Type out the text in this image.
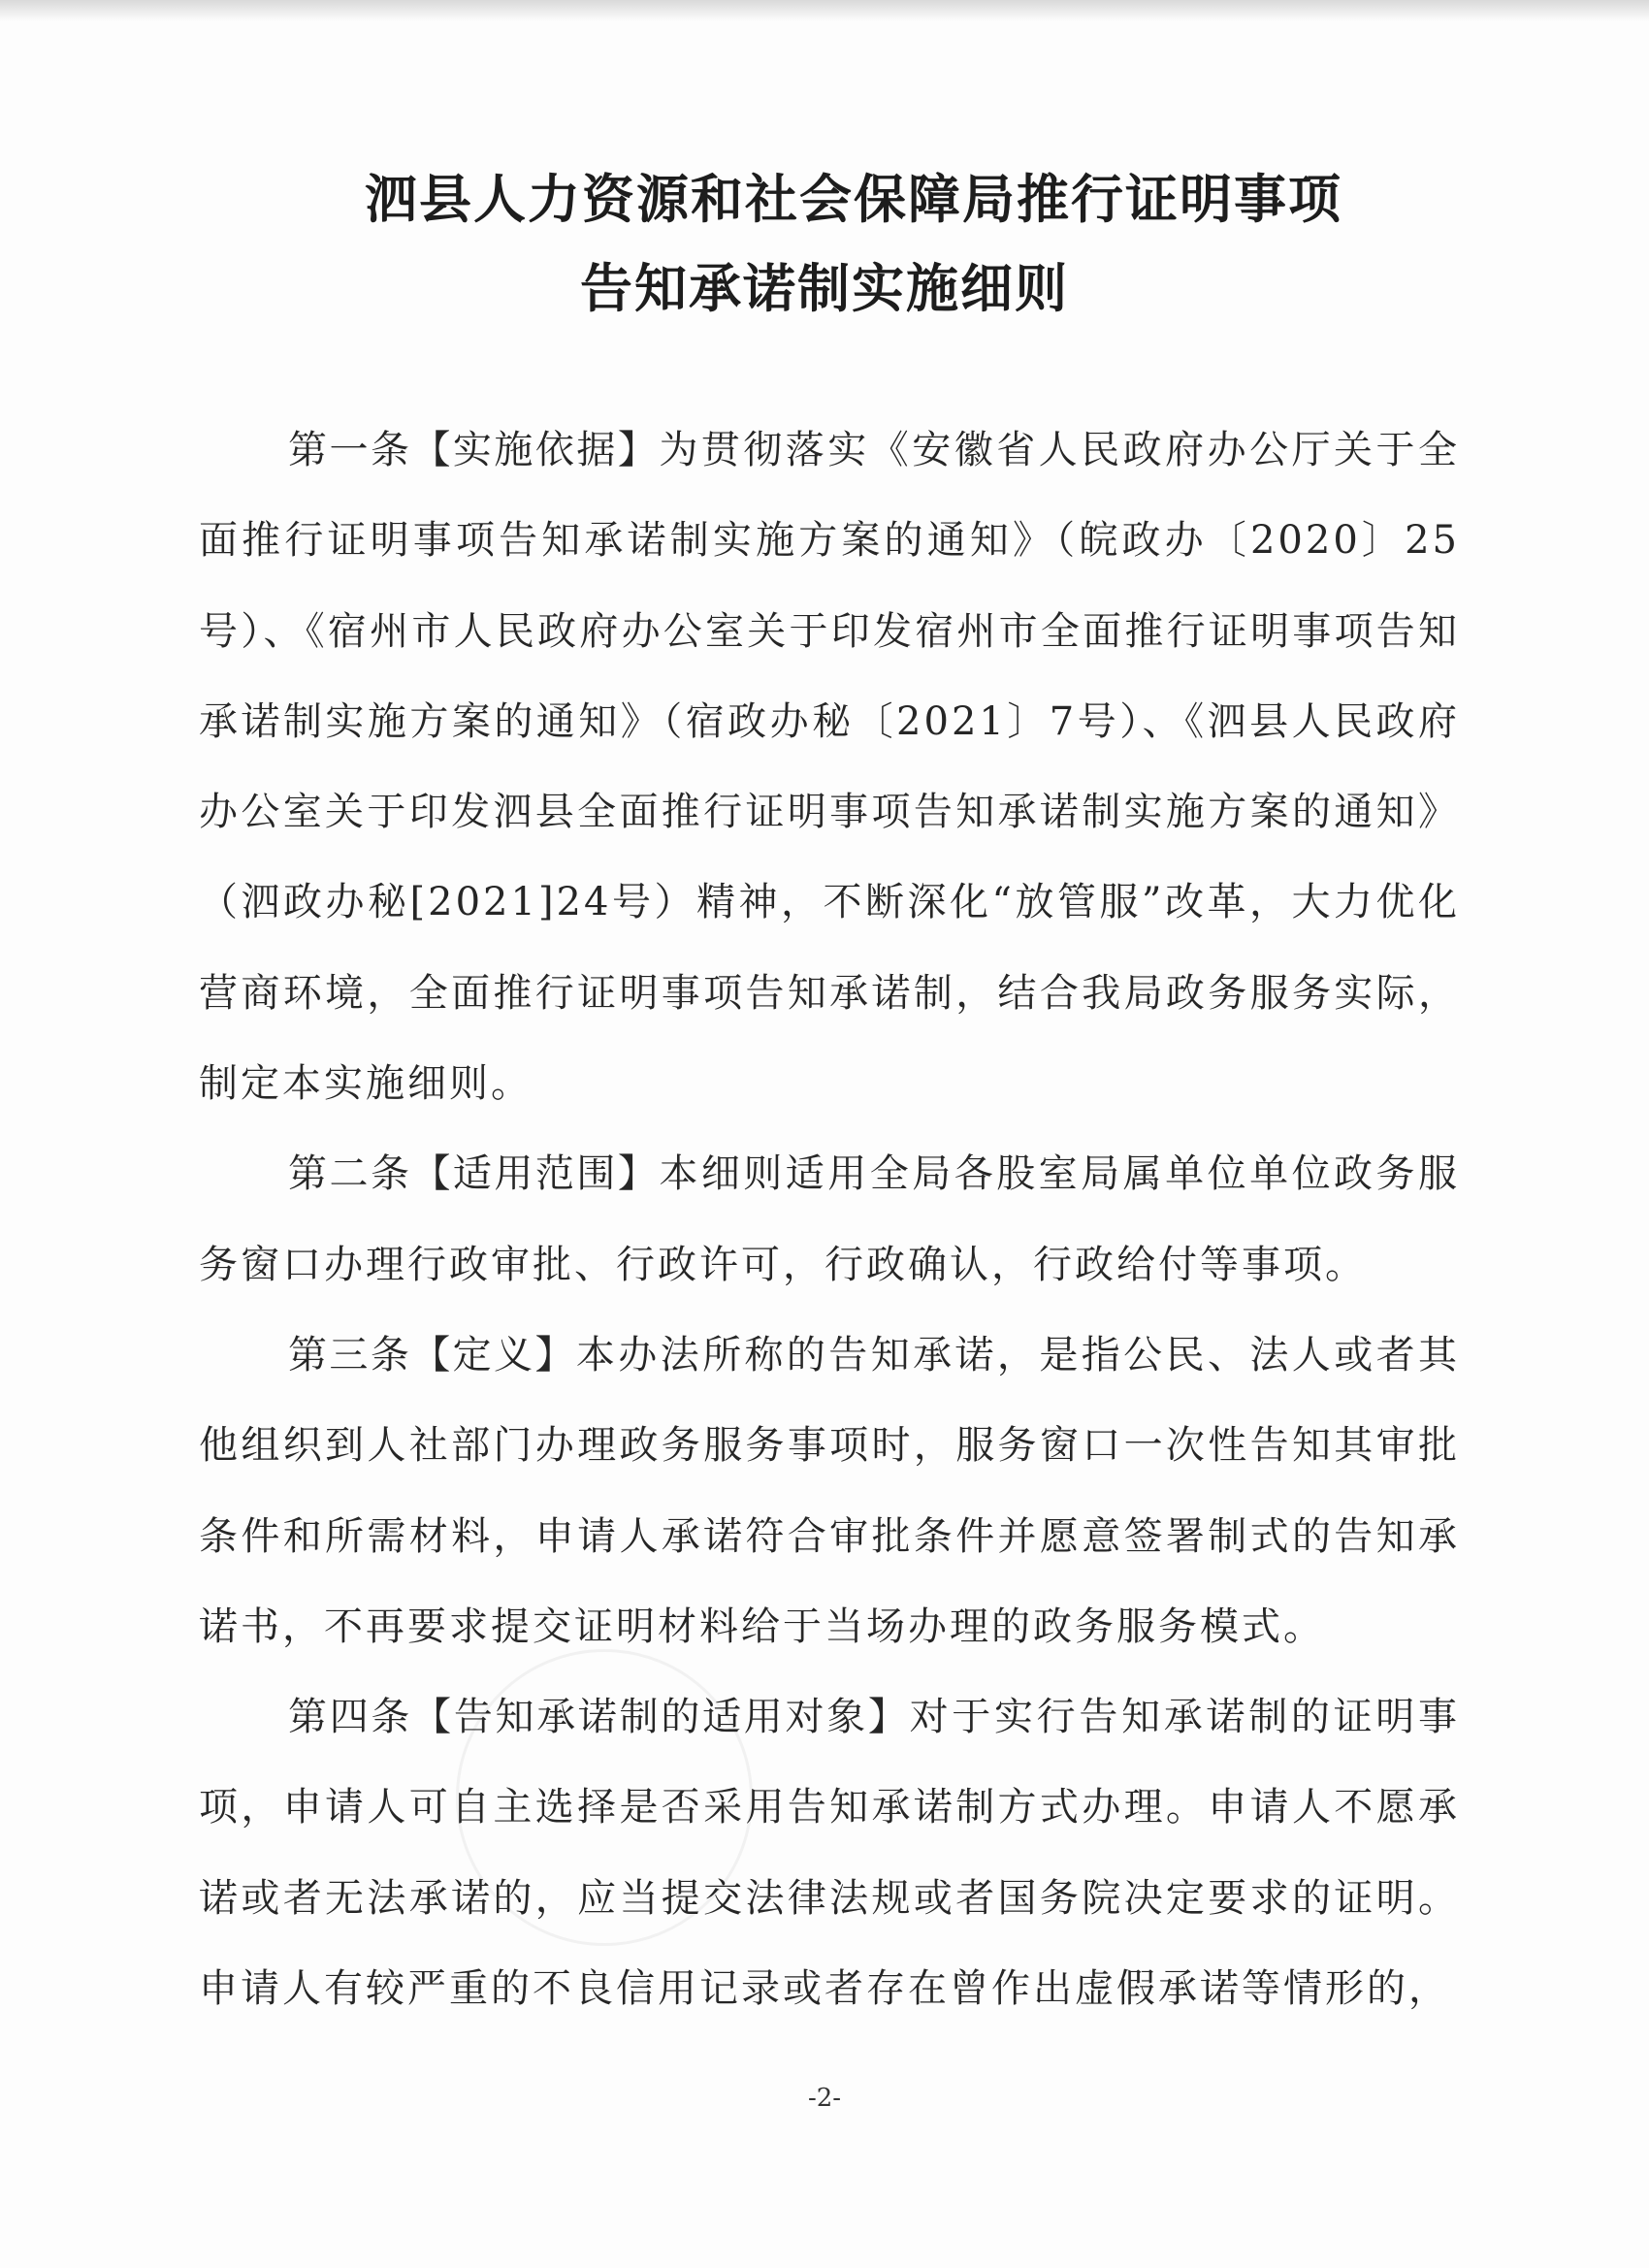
泗县人力资源和社会保障局推行证明事项
告知承诺制实施细则

第一条【实施依据】为贯彻落实《安徽省人民政府办公厅关于全面推行证明事项告知承诺制实施方案的通知》（皖政办〔2020〕25号）、《宿州市人民政府办公室关于印发宿州市全面推行证明事项告知承诺制实施方案的通知》（宿政办秘〔2021〕7号）、《泗县人民政府办公室关于印发泗县全面推行证明事项告知承诺制实施方案的通知》（泗政办秘[2021]24号）精神，不断深化“放管服”改革，大力优化营商环境，全面推行证明事项告知承诺制，结合我局政务服务实际，制定本实施细则。

第二条【适用范围】本细则适用全局各股室局属单位单位政务服务窗口办理行政审批、行政许可，行政确认，行政给付等事项。

第三条【定义】本办法所称的告知承诺，是指公民、法人或者其他组织到人社部门办理政务服务事项时，服务窗口一次性告知其审批条件和所需材料，申请人承诺符合审批条件并愿意签署制式的告知承诺书，不再要求提交证明材料给于当场办理的政务服务模式。

第四条【告知承诺制的适用对象】对于实行告知承诺制的证明事项，申请人可自主选择是否采用告知承诺制方式办理。申请人不愿承诺或者无法承诺的，应当提交法律法规或者国务院决定要求的证明。申请人有较严重的不良信用记录或者存在曾作出虚假承诺等情形的，

-2-
